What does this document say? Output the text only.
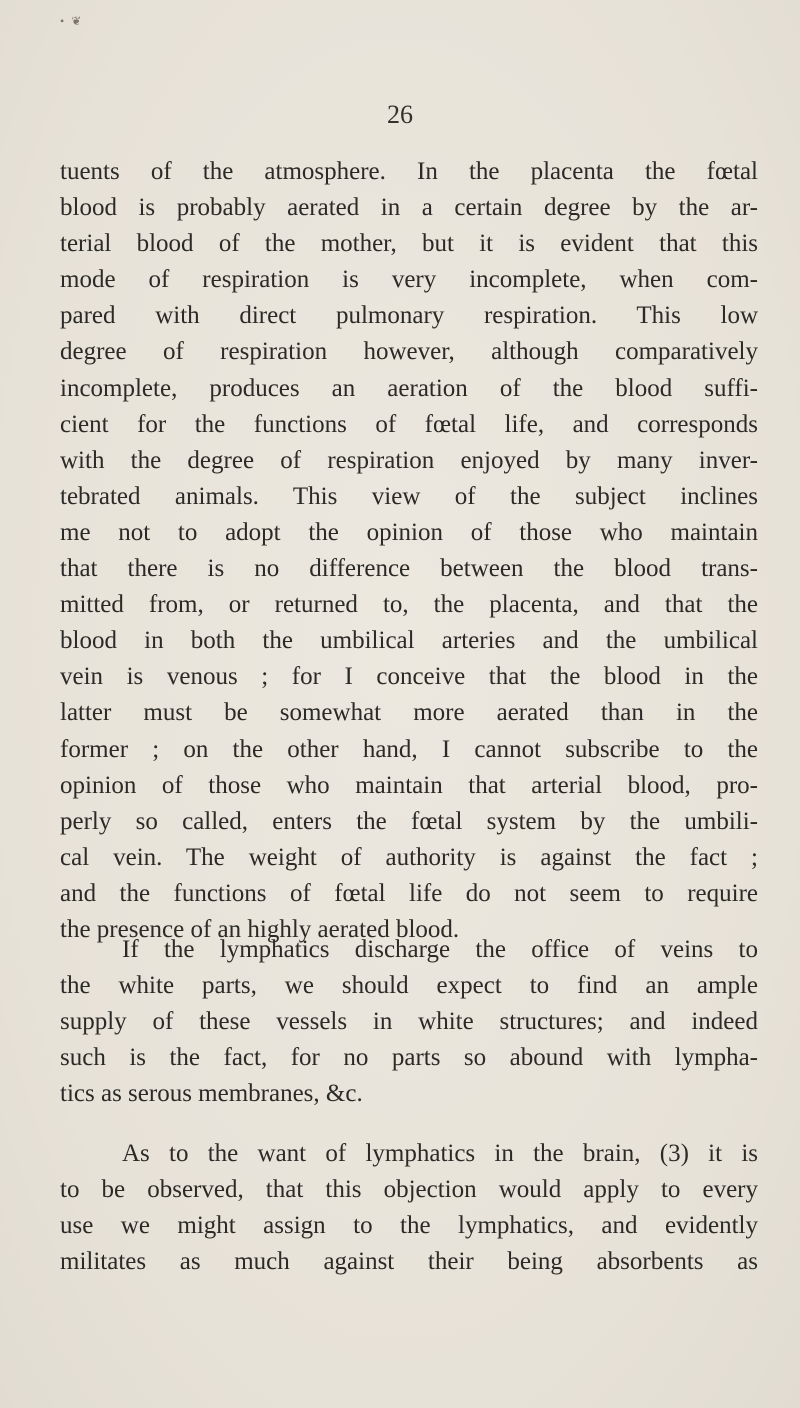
• ❦
26
tuents of the atmosphere. In the placenta the fœtal
blood is probably aerated in a certain degree by the ar-
terial blood of the mother, but it is evident that this
mode of respiration is very incomplete, when com-
pared with direct pulmonary respiration. This low
degree of respiration however, although comparatively
incomplete, produces an aeration of the blood suffi-
cient for the functions of fœtal life, and corresponds
with the degree of respiration enjoyed by many inver-
tebrated animals. This view of the subject inclines
me not to adopt the opinion of those who maintain
that there is no difference between the blood trans-
mitted from, or returned to, the placenta, and that the
blood in both the umbilical arteries and the umbilical
vein is venous ; for I conceive that the blood in the
latter must be somewhat more aerated than in the
former ; on the other hand, I cannot subscribe to the
opinion of those who maintain that arterial blood, pro-
perly so called, enters the fœtal system by the umbili-
cal vein. The weight of authority is against the fact ;
and the functions of fœtal life do not seem to require
the presence of an highly aerated blood.
If the lymphatics discharge the office of veins to
the white parts, we should expect to find an ample
supply of these vessels in white structures; and indeed
such is the fact, for no parts so abound with lympha-
tics as serous membranes, &c.
As to the want of lymphatics in the brain, (3) it is
to be observed, that this objection would apply to every
use we might assign to the lymphatics, and evidently
militates as much against their being absorbents as
